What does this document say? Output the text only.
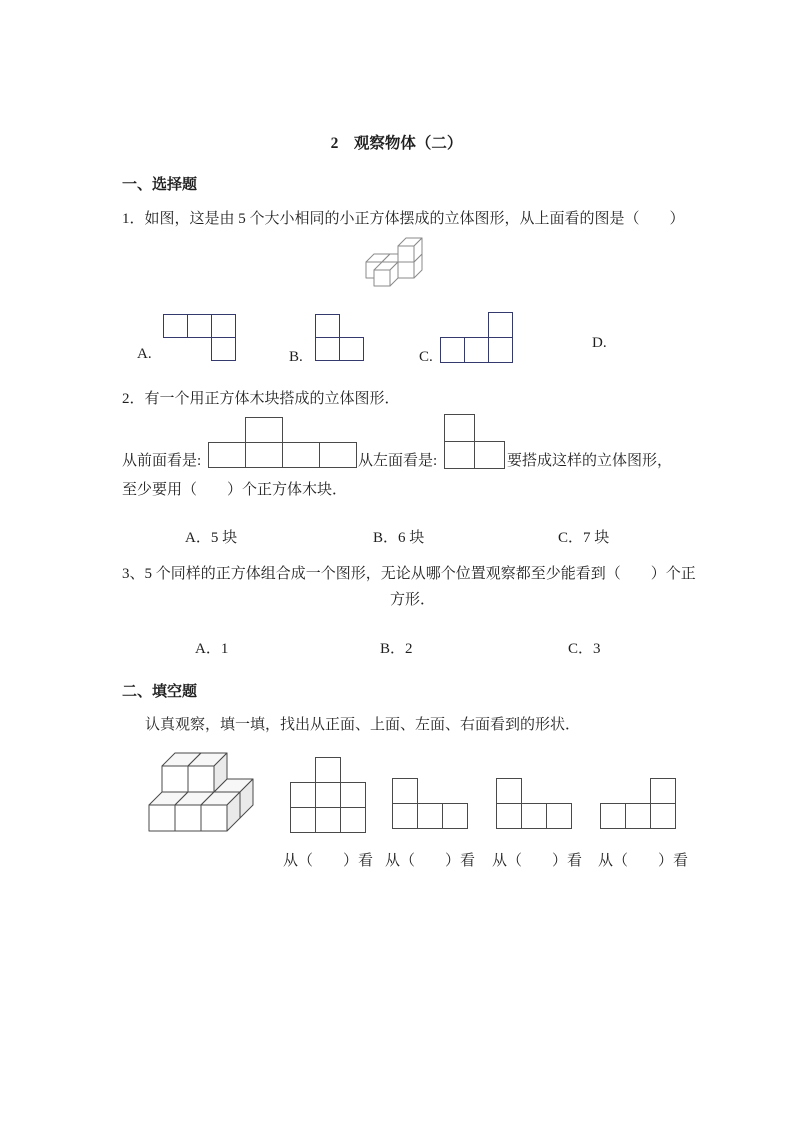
2　观察物体（二）
一、选择题
1．如图，这是由 5 个大小相同的小正方体摆成的立体图形，从上面看的图是（　　）
A.	B.	C.
D.
2．有一个用正方体木块搭成的立体图形．
从前面看是:	从左面看是:	要搭成这样的立体图形，
至少要用（　　）个正方体木块．
A．5 块	B．6 块	C．7 块
3、5 个同样的正方体组合成一个图形，无论从哪个位置观察都至少能看到（　　）个正
方形．
A．1	B．2	C．3
二、填空题
认真观察，填一填，找出从正面、上面、左面、右面看到的形状．
从（　　）看 从（　　）看 从（　　）看 从（　　）看
